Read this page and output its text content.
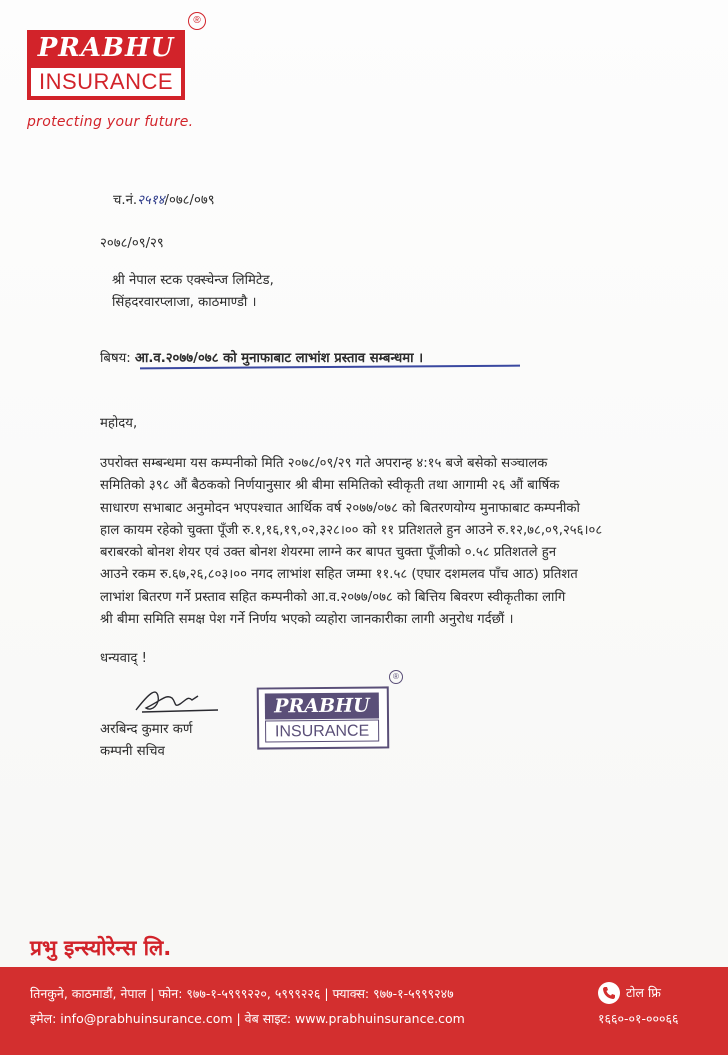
PRABHU
INSURANCE
®
protecting your future.
च.नं.२५१४/०७८/०७९
२०७८/०९/२९
श्री नेपाल स्टक एक्स्चेन्ज लिमिटेड,
सिंहदरवारप्लाजा, काठमाण्डौ ।
बिषय: आ.व.२०७७/०७८ को मुनाफाबाट लाभांश प्रस्ताव सम्बन्धमा ।
महोदय,
उपरोक्त सम्बन्धमा यस कम्पनीको मिति २०७८/०९/२९ गते अपरान्ह ४:१५ बजे बसेको सञ्चालक
समितिको ३९८ औं बैठकको निर्णयानुसार श्री बीमा समितिको स्वीकृती तथा आगामी २६ औं बार्षिक
साधारण सभाबाट अनुमोदन भएपश्चात आर्थिक वर्ष २०७७/०७८ को बितरणयोग्य मुनाफाबाट कम्पनीको
हाल कायम रहेको चुक्ता पूँजी रु.१,१६,१९,०२,३२८।०० को ११ प्रतिशतले हुन आउने रु.१२,७८,०९,२५६।०८
बराबरको बोनश शेयर एवं उक्त बोनश शेयरमा लाग्ने कर बापत चुक्ता पूँजीको ०.५८ प्रतिशतले हुन
आउने रकम रु.६७,२६,८०३।०० नगद लाभांश सहित जम्मा ११.५८ (एघार दशमलव पाँच आठ) प्रतिशत
लाभांश बितरण गर्ने प्रस्ताव सहित कम्पनीको आ.व.२०७७/०७८ को बित्तिय बिवरण स्वीकृतीका लागि
श्री बीमा समिति समक्ष पेश गर्ने निर्णय भएको व्यहोरा जानकारीका लागी अनुरोध गर्दछौं ।
धन्यवाद् !
अरबिन्द कुमार कर्ण
कम्पनी सचिव
PRABHU
INSURANCE
®
प्रभु इन्स्योरेन्स लि.
तिनकुने, काठमाडौं, नेपाल | फोन: ९७७-१-५९९९२२०, ५९९९२२६ | फ्याक्स: ९७७-१-५९९९२४७
इमेल: info@prabhuinsurance.com | वेब साइट: www.prabhuinsurance.com
टोल फ्रि
१६६०-०१-०००६६
